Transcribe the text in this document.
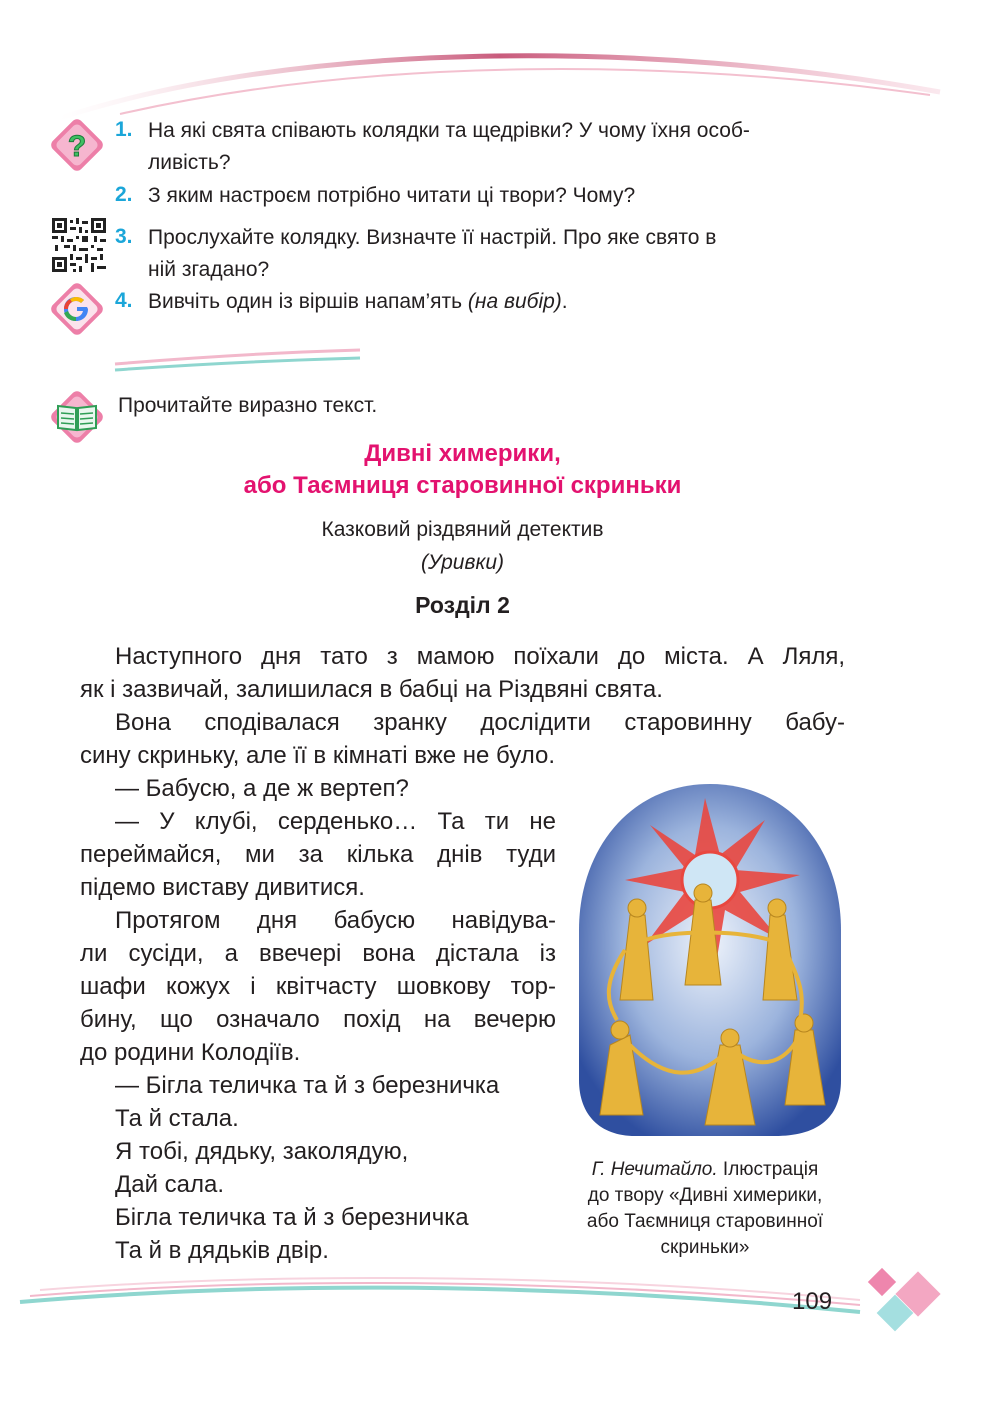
?
1. На які свята співають колядки та щедрівки? У чому їхня особ-
ливість?
2. З яким настроєм потрібно читати ці твори? Чому?
3. Прослухайте колядку. Визначте її настрій. Про яке свято в
ній згадано?
4. Вивчіть один із віршів напам’ять (на вибір).
Прочитайте виразно текст.
Дивні химерики,
або Таємниця старовинної скриньки
Казковий різдвяний детектив
(Уривки)
Розділ 2
Наступного дня тато з мамою поїхали до міста. А Ляля,
як і зазвичай, залишилася в бабці на Різдвяні свята.
Вона сподівалася зранку дослідити старовинну бабу-
сину скриньку, але її в кімнаті вже не було.
— Бабусю, а де ж вертеп?
— У клубі, серденько… Та ти не
переймайся, ми за кілька днів туди
підемо виставу дивитися.
Протягом дня бабусю навідува-
ли сусіди, а ввечері вона дістала із
шафи кожух і квітчасту шовкову тор-
бину, що означало похід на вечерю
до родини Колодіїв.
— Бігла теличка та й з березничка
Та й стала.
Я тобі, дядьку, заколядую,
Дай сала.
Бігла теличка та й з березничка
Та й в дядьків двір.
Г. Нечитайло. Ілюстрація
до твору «Дивні химерики,
або Таємниця старовинної
скриньки»
109
